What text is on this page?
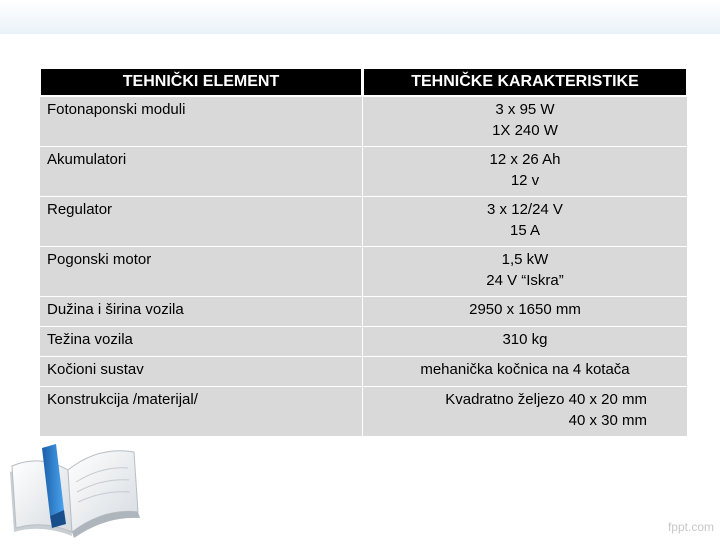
TEHNIČKI ELEMENT	TEHNIČKE KARAKTERISTIKE
Fotonaponski moduli	3 x 95 W
1X 240 W

Akumulatori	12 x 26 Ah
12 v

Regulator	3 x 12/24 V
15 A

Pogonski motor	1,5 kW
24 V “Iskra”

Dužina i širina vozila	2950 x 1650 mm

Težina vozila	310 kg

Kočioni sustav	mehanička kočnica na 4 kotača

Konstrukcija /materijal/	Kvadratno željezo 40 x 20 mm
40 x 30 mm
fppt.com
